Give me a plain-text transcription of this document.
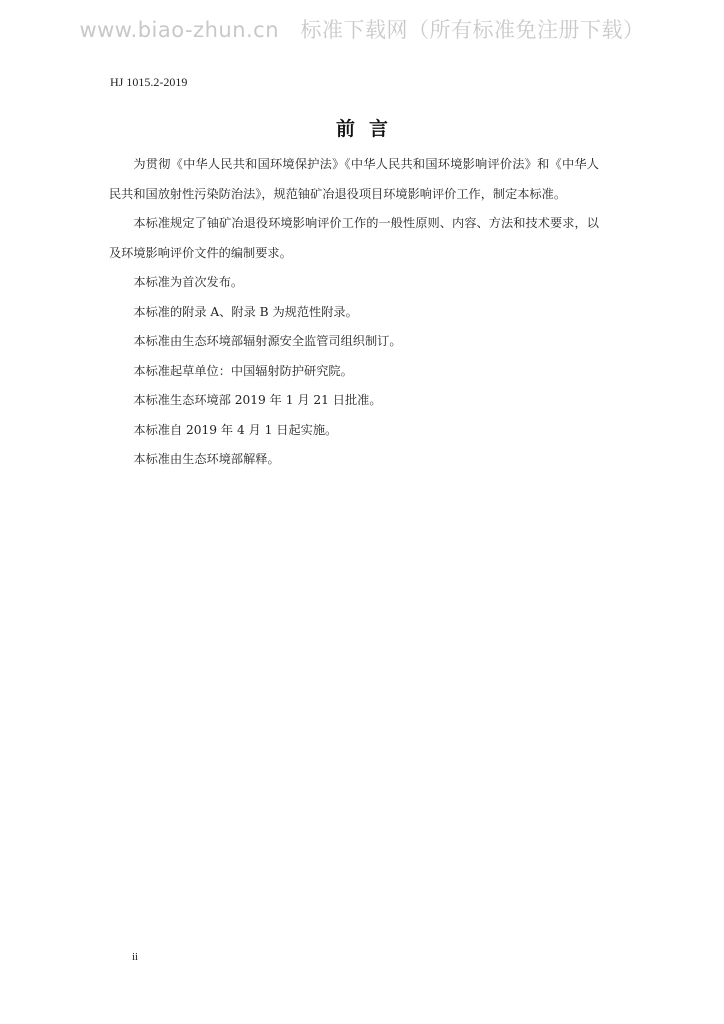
www.biao-zhun.cn　标准下载网（所有标准免注册下载）
HJ 1015.2-2019
前言

为贯彻《中华人民共和国环境保护法》《中华人民共和国环境影响评价法》和《中华人民共和国放射性污染防治法》，规范铀矿冶退役项目环境影响评价工作，制定本标准。

本标准规定了铀矿冶退役环境影响评价工作的一般性原则、内容、方法和技术要求，以及环境影响评价文件的编制要求。

本标准为首次发布。

本标准的附录 A、附录 B 为规范性附录。

本标准由生态环境部辐射源安全监管司组织制订。

本标准起草单位：中国辐射防护研究院。

本标准生态环境部 2019 年 1 月 21 日批准。

本标准自 2019 年 4 月 1 日起实施。

本标准由生态环境部解释。

ii
